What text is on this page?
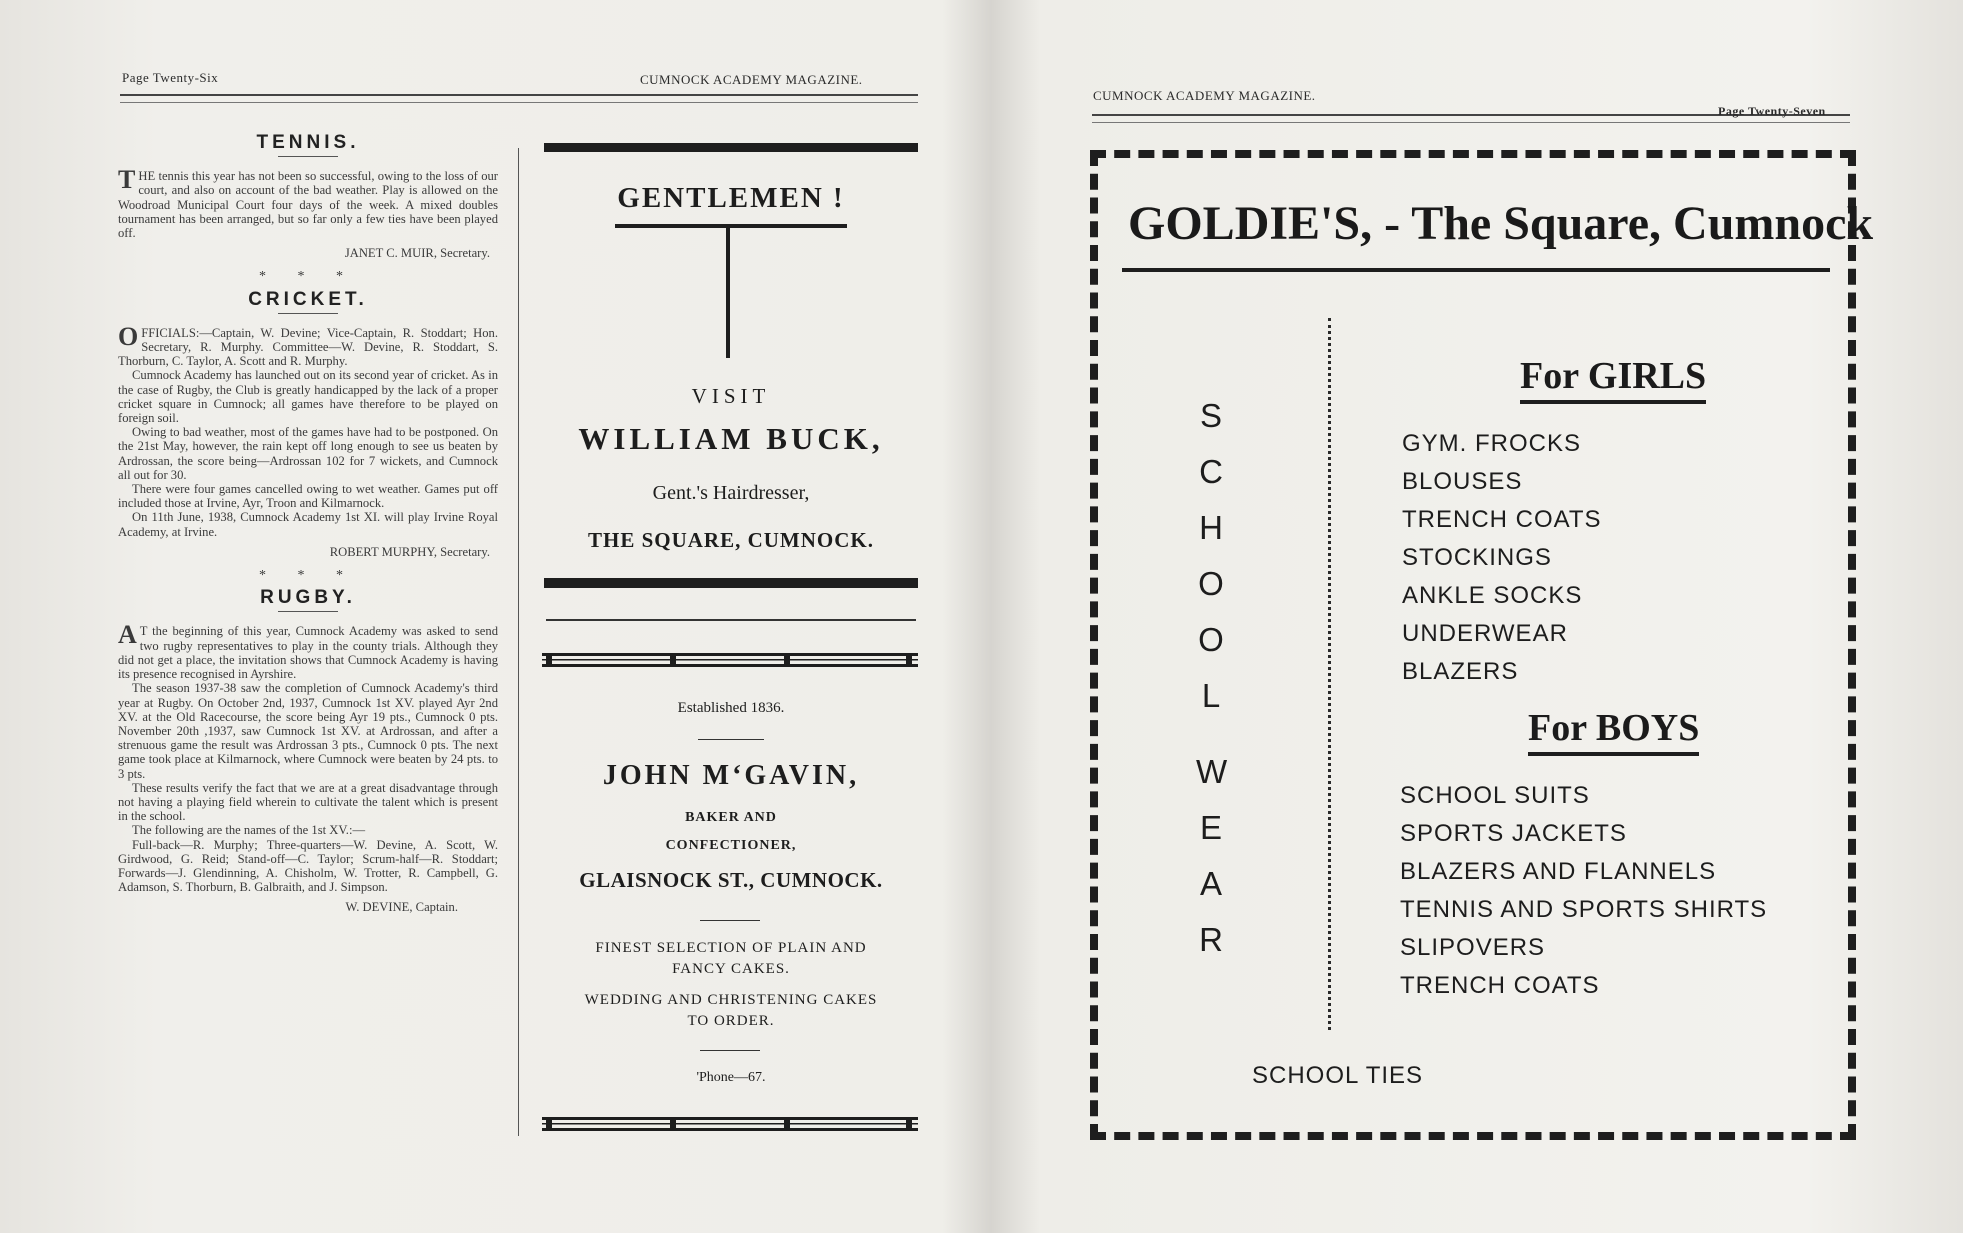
Page Twenty-Six	CUMNOCK ACADEMY MAGAZINE.
TENNIS.

THE tennis this year has not been so successful, owing to the loss of our court, and also on account of the bad weather. Play is allowed on the Woodroad Municipal Court four days of the week. A mixed doubles tournament has been arranged, but so far only a few ties have been played off.

JANET C. MUIR, Secretary.
* * *
CRICKET.

OFFICIALS:—Captain, W. Devine; Vice-Captain, R. Stoddart; Hon. Secretary, R. Murphy. Committee—W. Devine, R. Stoddart, S. Thorburn, C. Taylor, A. Scott and R. Murphy.

Cumnock Academy has launched out on its second year of cricket. As in the case of Rugby, the Club is greatly handicapped by the lack of a proper cricket square in Cumnock; all games have therefore to be played on foreign soil.

Owing to bad weather, most of the games have had to be postponed. On the 21st May, however, the rain kept off long enough to see us beaten by Ardrossan, the score being—Ardrossan 102 for 7 wickets, and Cumnock all out for 30.

There were four games cancelled owing to wet weather. Games put off included those at Irvine, Ayr, Troon and Kilmarnock.

On 11th June, 1938, Cumnock Academy 1st XI. will play Irvine Royal Academy, at Irvine.

ROBERT MURPHY, Secretary.
* * *
RUGBY.

A T the beginning of this year, Cumnock Academy was asked to send two rugby representatives to play in the county trials. Although they did not get a place, the invitation shows that Cumnock Academy is having its presence recognised in Ayrshire.

The season 1937-38 saw the completion of Cumnock Academy's third year at Rugby. On October 2nd, 1937, Cumnock 1st XV. played Ayr 2nd XV. at the Old Racecourse, the score being Ayr 19 pts., Cumnock 0 pts. November 20th ,1937, saw Cumnock 1st XV. at Ardrossan, and after a strenuous game the result was Ardrossan 3 pts., Cumnock 0 pts. The next game took place at Kilmarnock, where Cumnock were beaten by 24 pts. to 3 pts.

These results verify the fact that we are at a great disadvantage through not having a playing field wherein to cultivate the talent which is present in the school.

The following are the names of the 1st XV.:—

Full-back—R. Murphy; Three-quarters—W. Devine, A. Scott, W. Girdwood, G. Reid; Stand-off—C. Taylor; Scrum-half—R. Stoddart; Forwards—J. Glendinning, A. Chisholm, W. Trotter, R. Campbell, G. Adamson, S. Thorburn, B. Galbraith, and J. Simpson.

W. DEVINE, Captain.
GENTLEMEN !
VISIT
WILLIAM BUCK,
Gent.'s Hairdresser,
THE SQUARE, CUMNOCK.
Established 1836.
JOHN M‘GAVIN,
BAKER AND
CONFECTIONER,
GLAISNOCK ST., CUMNOCK.
FINEST SELECTION OF PLAIN AND
FANCY CAKES.
WEDDING AND CHRISTENING CAKES
TO ORDER.
'Phone—67.
CUMNOCK ACADEMY MAGAZINE.
Page Twenty-Seven
GOLDIE'S, - The Square, Cumnock
S
C
H
O
O
L
W
E
A
R
For GIRLS
GYM. FROCKS
BLOUSES
TRENCH COATS
STOCKINGS
ANKLE SOCKS
UNDERWEAR
BLAZERS
For BOYS
SCHOOL SUITS
SPORTS JACKETS
BLAZERS AND FLANNELS
TENNIS AND SPORTS SHIRTS
SLIPOVERS
TRENCH COATS
SCHOOL TIES
